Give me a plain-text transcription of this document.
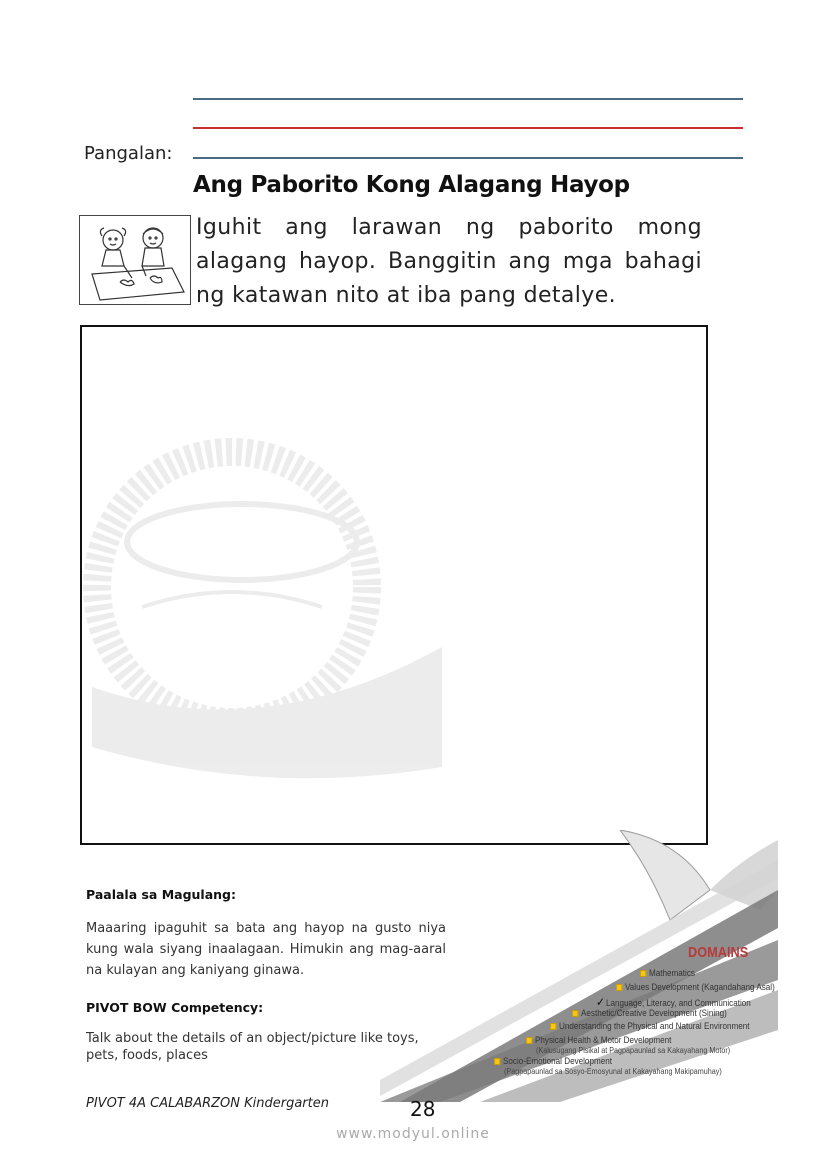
Pangalan:
Ang Paborito Kong Alagang Hayop
Iguhit ang larawan ng paborito mong alagang hayop. Banggitin ang mga bahagi ng katawan nito at iba pang detalye.
Paalala sa Magulang:
Maaaring ipaguhit sa bata ang hayop na gusto niya kung wala siyang inaalagaan. Himukin ang mag-aaral na kulayan ang kaniyang ginawa.
PIVOT BOW Competency:
Talk about the details of an object/picture like toys, pets, foods, places
DOMAINS
Mathematics
Values Development (Kagandahang Asal)
✓Language, Literacy, and Communication
Aesthetic/Creative Development (Sining)
Understanding the Physical and Natural Environment
Physical Health & Motor Development
(Kalusugang Pisikal at Pagpapaunlad sa Kakayahang Motor)
Socio-Emotional Development
(Pagpapaunlad sa Sosyo-Emosyunal at Kakayahang Makipamuhay)
PIVOT 4A CALABARZON Kindergarten	28
www.modyul.online
